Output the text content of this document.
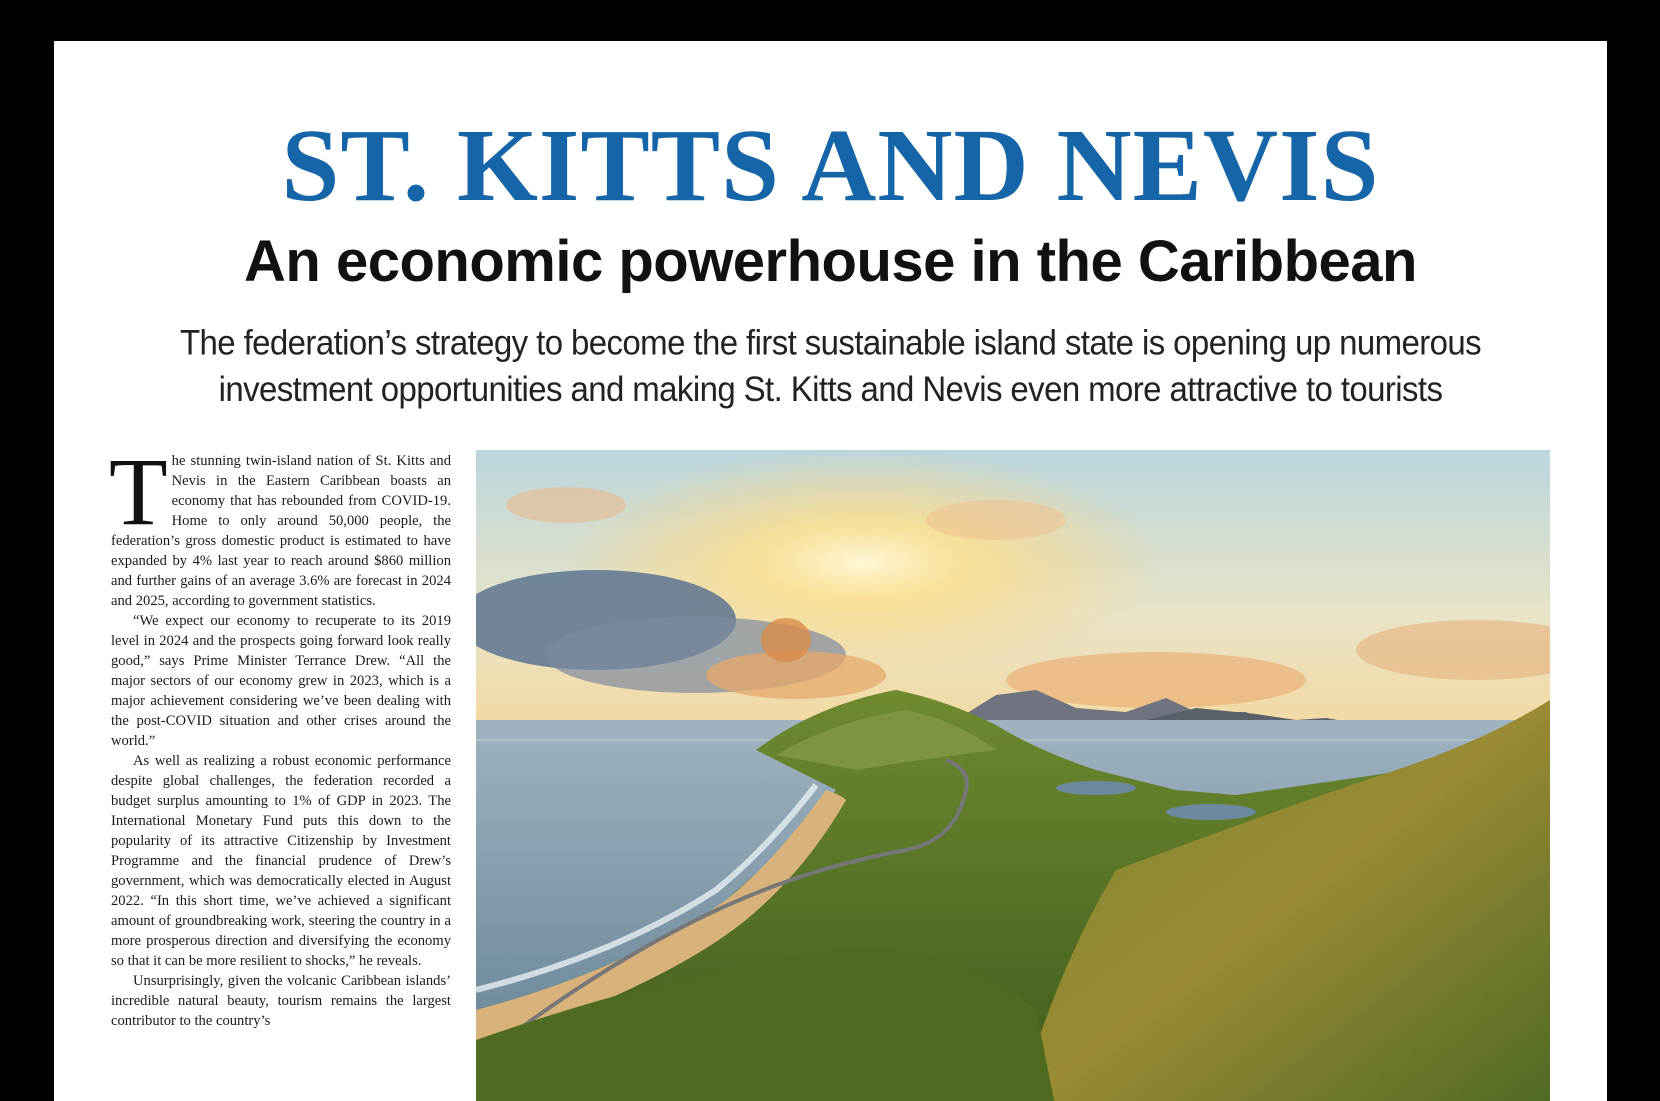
ST. KITTS AND NEVIS
An economic powerhouse in the Caribbean

The federation’s strategy to become the first sustainable island state is opening up numerous investment opportunities and making St. Kitts and Nevis even more attractive to tourists

The stunning twin-island nation of St. Kitts and Nevis in the Eastern Caribbean boasts an economy that has rebounded from COVID-19. Home to only around 50,000 people, the federation’s gross domestic product is estimated to have expanded by 4% last year to reach around $860 million and further gains of an average 3.6% are forecast in 2024 and 2025, according to government statistics.

“We expect our economy to recuperate to its 2019 level in 2024 and the prospects going forward look really good,” says Prime Minister Terrance Drew. “All the major sectors of our economy grew in 2023, which is a major achievement considering we’ve been dealing with the post-COVID situation and other crises around the world.”

As well as realizing a robust economic performance despite global challenges, the federation recorded a budget surplus amounting to 1% of GDP in 2023. The International Monetary Fund puts this down to the popularity of its attractive Citizenship by Investment Programme and the financial prudence of Drew’s government, which was democratically elected in August 2022. “In this short time, we’ve achieved a significant amount of groundbreaking work, steering the country in a more prosperous direction and diversifying the economy so that it can be more resilient to shocks,” he reveals.

Unsurprisingly, given the volcanic Caribbean islands’ incredible natural beauty, tourism remains the largest contributor to the country’s
